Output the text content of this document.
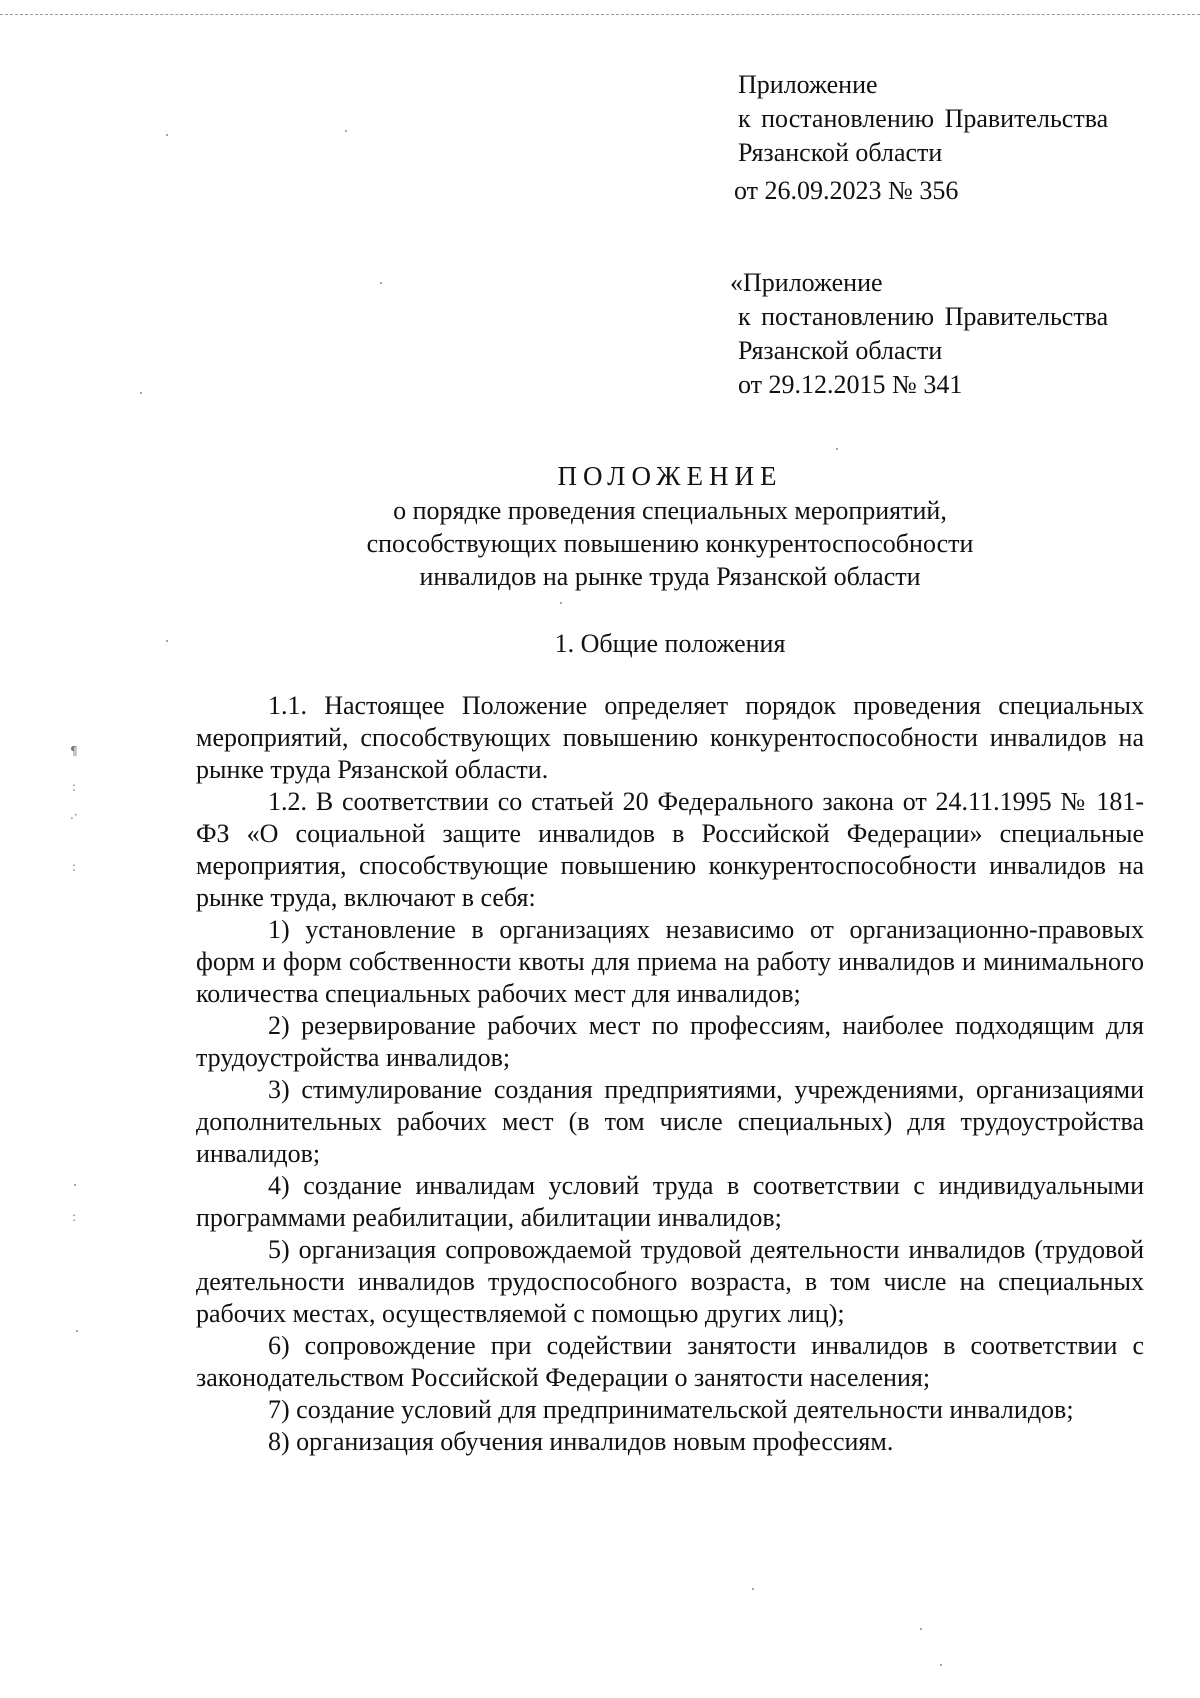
Приложение
к постановлению Правительства
Рязанской области
от 26.09.2023 № 356
«Приложение
к постановлению Правительства
Рязанской области
от 29.12.2015 № 341
ПОЛОЖЕНИЕ
о порядке проведения специальных мероприятий,
способствующих повышению конкурентоспособности
инвалидов на рынке труда Рязанской области
1. Общие положения

1.1. Настоящее Положение определяет порядок проведения специальных мероприятий, способствующих повышению конкурентоспособности инвалидов на рынке труда Рязанской области.

1.2. В соответствии со статьей 20 Федерального закона от 24.11.1995 № 181-ФЗ «О социальной защите инвалидов в Российской Федерации» специальные мероприятия, способствующие повышению конкурентоспособности инвалидов на рынке труда, включают в себя:

1) установление в организациях независимо от организационно-правовых форм и форм собственности квоты для приема на работу инвалидов и минимального количества специальных рабочих мест для инвалидов;

2) резервирование рабочих мест по профессиям, наиболее подходящим для трудоустройства инвалидов;

3) стимулирование создания предприятиями, учреждениями, организациями дополнительных рабочих мест (в том числе специальных) для трудоустройства инвалидов;

4) создание инвалидам условий труда в соответствии с индивидуальными программами реабилитации, абилитации инвалидов;

5) организация сопровождаемой трудовой деятельности инвалидов (трудовой деятельности инвалидов трудоспособного возраста, в том числе на специальных рабочих местах, осуществляемой с помощью других лиц);

6) сопровождение при содействии занятости инвалидов в соответствии с законодательством Российской Федерации о занятости населения;

7) создание условий для предпринимательской деятельности инвалидов;

8) организация обучения инвалидов новым профессиям.

¶
:
.·
:
:
